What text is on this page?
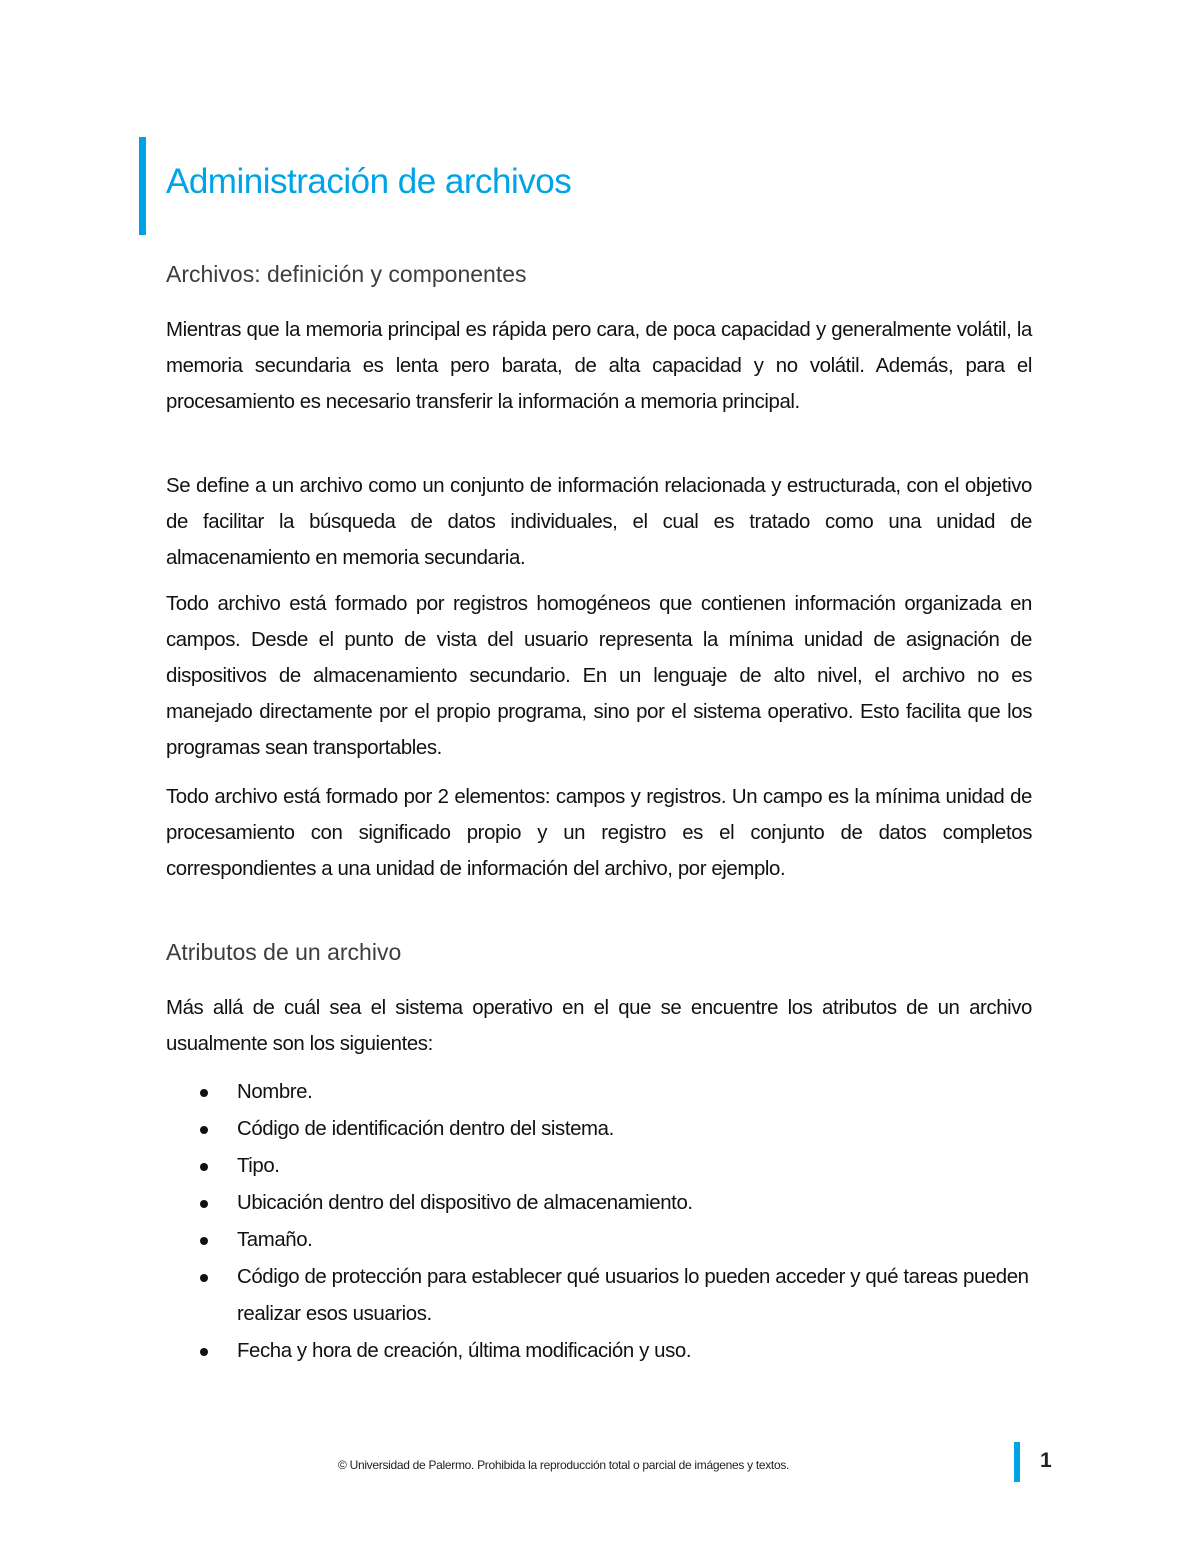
Administración de archivos
Archivos: definición y componentes

Mientras que la memoria principal es rápida pero cara, de poca capacidad y generalmente volátil, la memoria secundaria es lenta pero barata, de alta capacidad y no volátil. Además, para el procesamiento es necesario transferir la información a memoria principal.

Se define a un archivo como un conjunto de información relacionada y estructurada, con el objetivo de facilitar la búsqueda de datos individuales, el cual es tratado como una unidad de almacenamiento en memoria secundaria.

Todo archivo está formado por registros homogéneos que contienen información organizada en campos. Desde el punto de vista del usuario representa la mínima unidad de asignación de dispositivos de almacenamiento secundario. En un lenguaje de alto nivel, el archivo no es manejado directamente por el propio programa, sino por el sistema operativo. Esto facilita que los programas sean transportables.

Todo archivo está formado por 2 elementos: campos y registros. Un campo es la mínima unidad de procesamiento con significado propio y un registro es el conjunto de datos completos correspondientes a una unidad de información del archivo, por ejemplo.

Atributos de un archivo

Más allá de cuál sea el sistema operativo en el que se encuentre los atributos de un archivo usualmente son los siguientes:

Nombre.
Código de identificación dentro del sistema.
Tipo.
Ubicación dentro del dispositivo de almacenamiento.
Tamaño.
Código de protección para establecer qué usuarios lo pueden acceder y qué tareas pueden realizar esos usuarios.
Fecha y hora de creación, última modificación y uso.
© Universidad de Palermo. Prohibida la reproducción total o parcial de imágenes y textos.	1
